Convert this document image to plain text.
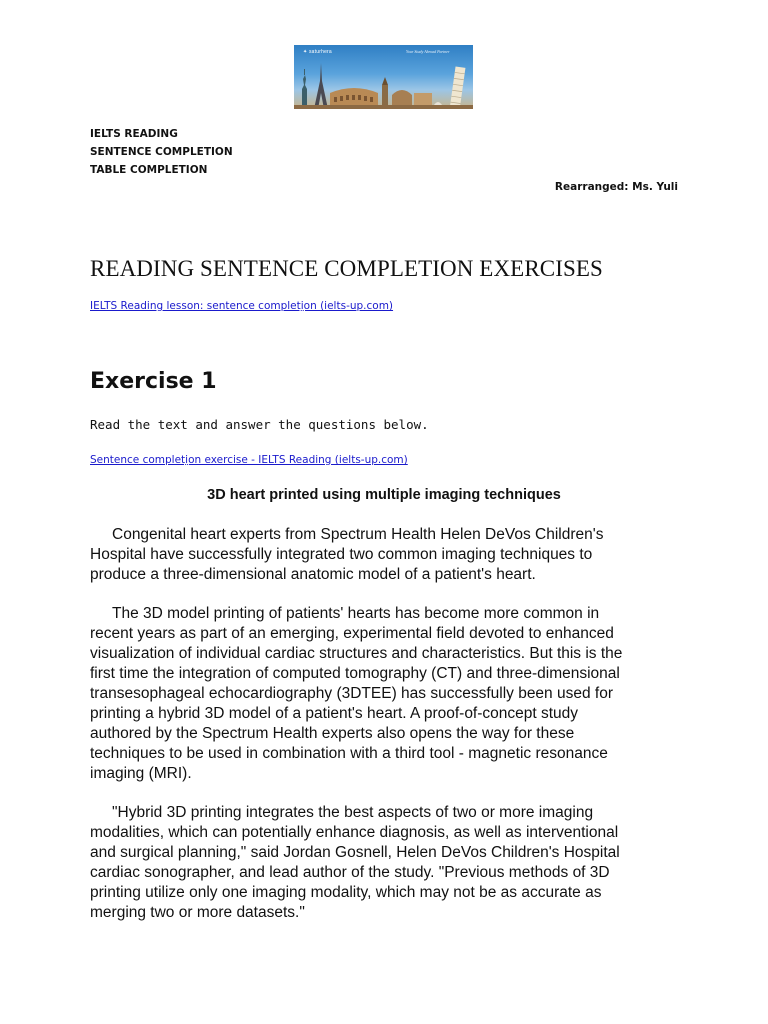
✦ saturhera	Your Study Abroad Partner
IELTS READING
SENTENCE COMPLETION
TABLE COMPLETION
Rearranged: Ms. Yuli
READING SENTENCE COMPLETION EXERCISES
IELTS Reading lesson: sentence completi̤on (ielts-up.com)
Exercise 1
Read the text and answer the questions below.
Sentence completi̤on exercise - IELTS Reading (ielts-up.com)
3D heart printed using multiple imaging techniques

Congenital heart experts from Spectrum Health Helen DeVos Children's
Hospital have successfully integrated two common imaging techniques to
produce a three-dimensional anatomic model of a patient's heart.

The 3D model printing of patients' hearts has become more common in
recent years as part of an emerging, experimental field devoted to enhanced
visualization of individual cardiac structures and characteristics. But this is the
first time the integration of computed tomography (CT) and three-dimensional
transesophageal echocardiography (3DTEE) has successfully been used for
printing a hybrid 3D model of a patient's heart. A proof-of-concept study
authored by the Spectrum Health experts also opens the way for these
techniques to be used in combination with a third tool - magnetic resonance
imaging (MRI).

"Hybrid 3D printing integrates the best aspects of two or more imaging
modalities, which can potentially enhance diagnosis, as well as interventional
and surgical planning," said Jordan Gosnell, Helen DeVos Children's Hospital
cardiac sonographer, and lead author of the study. "Previous methods of 3D
printing utilize only one imaging modality, which may not be as accurate as
merging two or more datasets."
